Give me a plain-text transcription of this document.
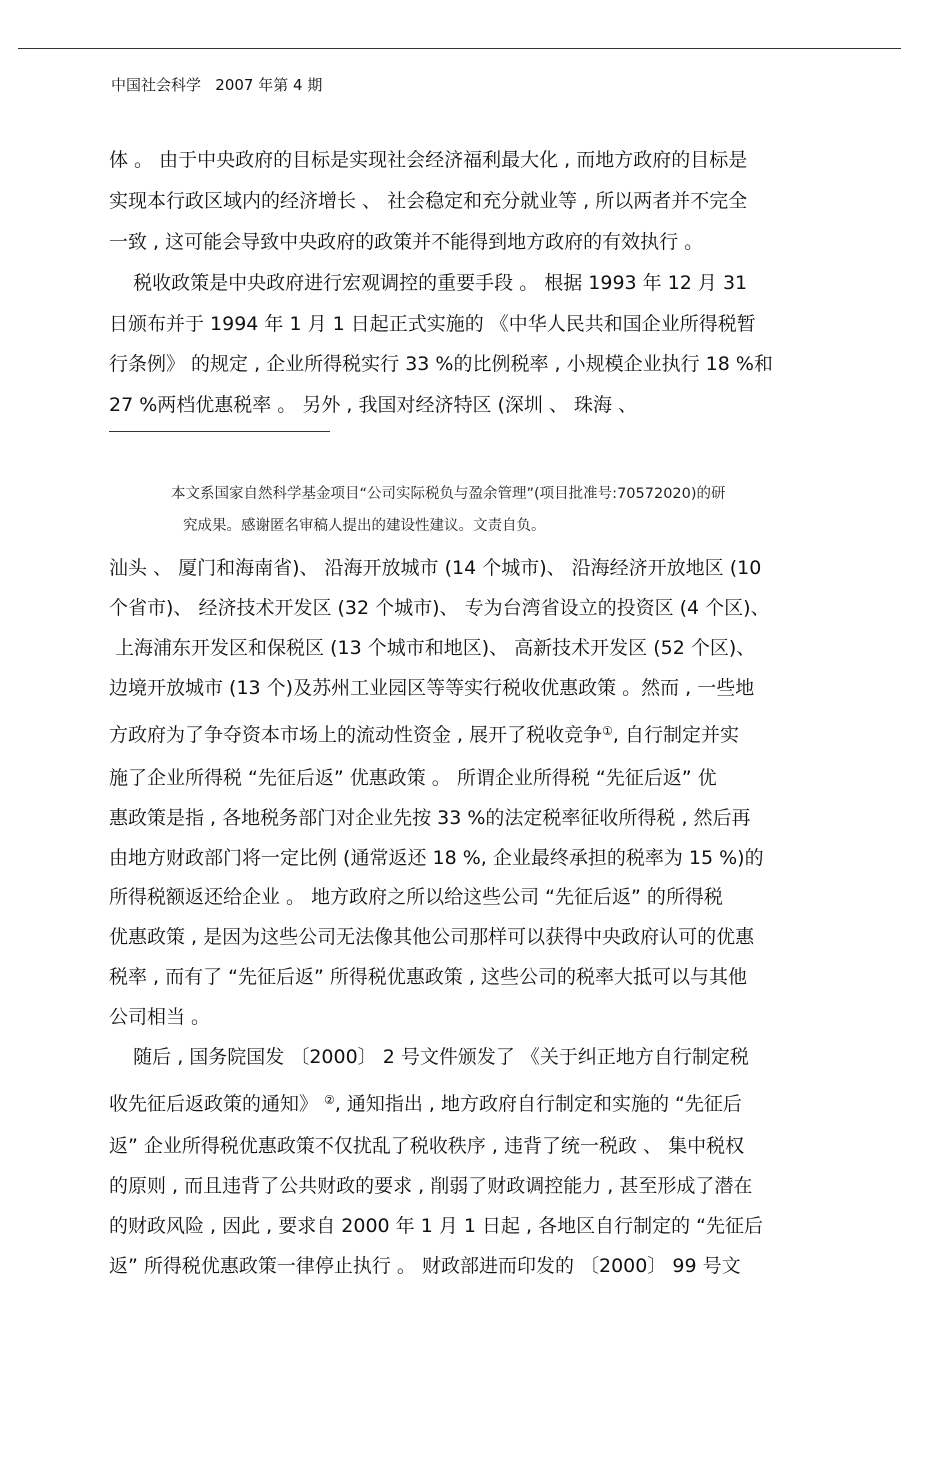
中国社会科学   2007 年第 4 期
体 。 由于中央政府的目标是实现社会经济福利最大化 , 而地方政府的目标是
实现本行政区域内的经济增长 、 社会稳定和充分就业等 , 所以两者并不完全
一致 , 这可能会导致中央政府的政策并不能得到地方政府的有效执行 。
税收政策是中央政府进行宏观调控的重要手段 。 根据 1993 年 12 月 31
日颁布并于 1994 年 1 月 1 日起正式实施的 《中华人民共和国企业所得税暂
行条例》 的规定 , 企业所得税实行 33 %的比例税率 , 小规模企业执行 18 %和
27 %两档优惠税率 。 另外 , 我国对经济特区 (深圳 、 珠海 、
本文系国家自然科学基金项目“公司实际税负与盈余管理”(项目批准号:70572020)的研
究成果。感谢匿名审稿人提出的建设性建议。文责自负。
汕头 、 厦门和海南省)、 沿海开放城市 (14 个城市)、 沿海经济开放地区 (10
个省市)、 经济技术开发区 (32 个城市)、 专为台湾省设立的投资区 (4 个区)、
上海浦东开发区和保税区 (13 个城市和地区)、 高新技术开发区 (52 个区)、
边境开放城市 (13 个)及苏州工业园区等等实行税收优惠政策 。然而 , 一些地
方政府为了争夺资本市场上的流动性资金 , 展开了税收竞争①, 自行制定并实
施了企业所得税 “先征后返” 优惠政策 。 所谓企业所得税 “先征后返” 优
惠政策是指 , 各地税务部门对企业先按 33 %的法定税率征收所得税 , 然后再
由地方财政部门将一定比例 (通常返还 18 %, 企业最终承担的税率为 15 %)的
所得税额返还给企业 。 地方政府之所以给这些公司 “先征后返” 的所得税
优惠政策 , 是因为这些公司无法像其他公司那样可以获得中央政府认可的优惠
税率 , 而有了 “先征后返” 所得税优惠政策 , 这些公司的税率大抵可以与其他
公司相当 。
随后 , 国务院国发 〔2000〕 2 号文件颁发了 《关于纠正地方自行制定税
收先征后返政策的通知》 ②, 通知指出 , 地方政府自行制定和实施的 “先征后
返” 企业所得税优惠政策不仅扰乱了税收秩序 , 违背了统一税政 、 集中税权
的原则 , 而且违背了公共财政的要求 , 削弱了财政调控能力 , 甚至形成了潜在
的财政风险 , 因此 , 要求自 2000 年 1 月 1 日起 , 各地区自行制定的 “先征后
返” 所得税优惠政策一律停止执行 。 财政部进而印发的 〔2000〕 99 号文
